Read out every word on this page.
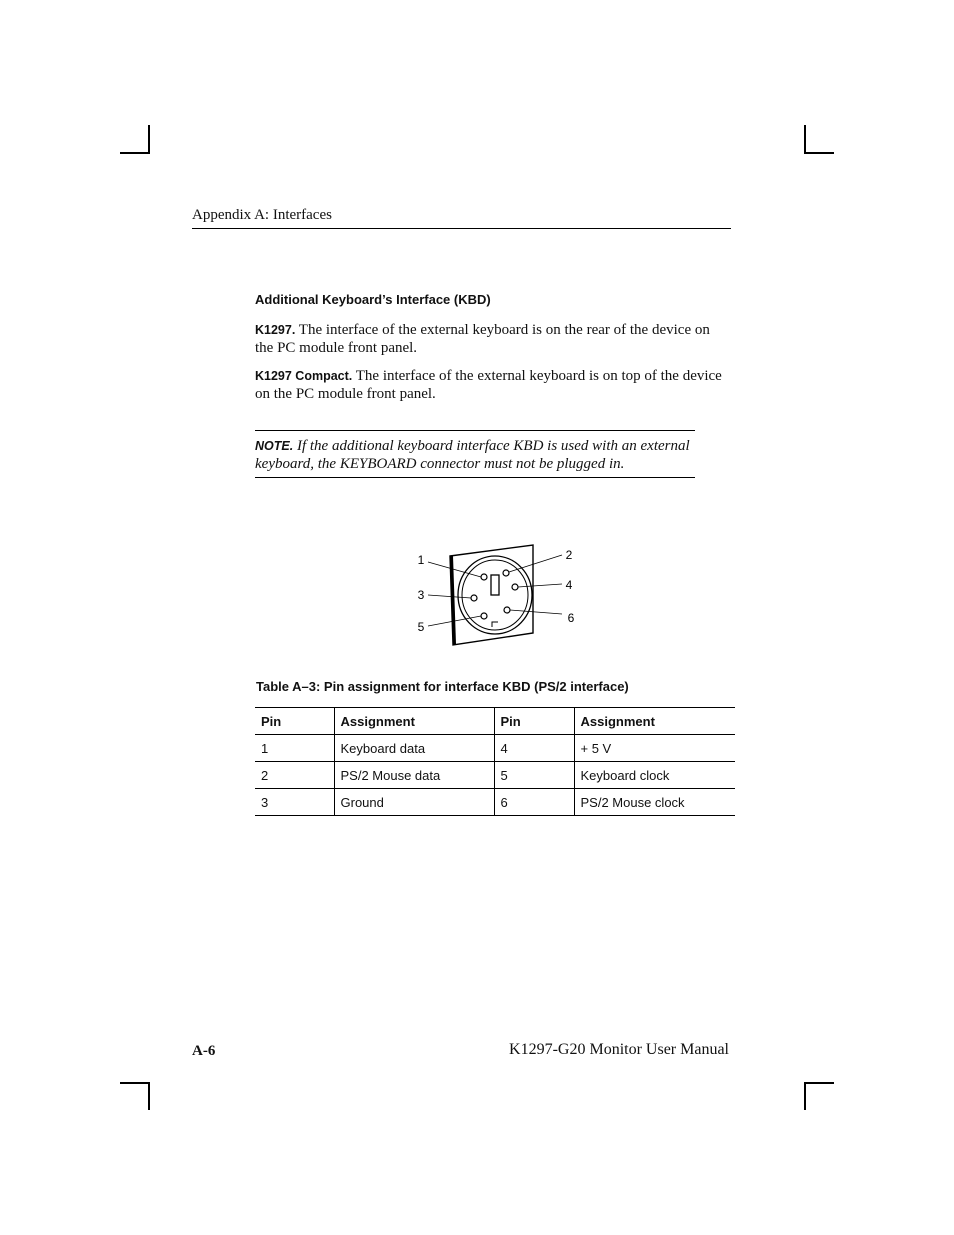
Appendix A: Interfaces
Additional Keyboard’s Interface (KBD)
K1297. The interface of the external keyboard is on the rear of the device on the PC module front panel.
K1297 Compact. The interface of the external keyboard is on top of the device on the PC module front panel.
NOTE. If the additional keyboard interface KBD is used with an external keyboard, the KEYBOARD connector must not be plugged in.
1	2
3
4
5
6
Table A–3: Pin assignment for interface KBD (PS/2 interface)
Pin	Assignment	Pin	Assignment
1	Keyboard data	4	+ 5 V
2	PS/2 Mouse data	5	Keyboard clock
3	Ground	6	PS/2 Mouse clock
A-6	K1297-G20 Monitor User Manual
